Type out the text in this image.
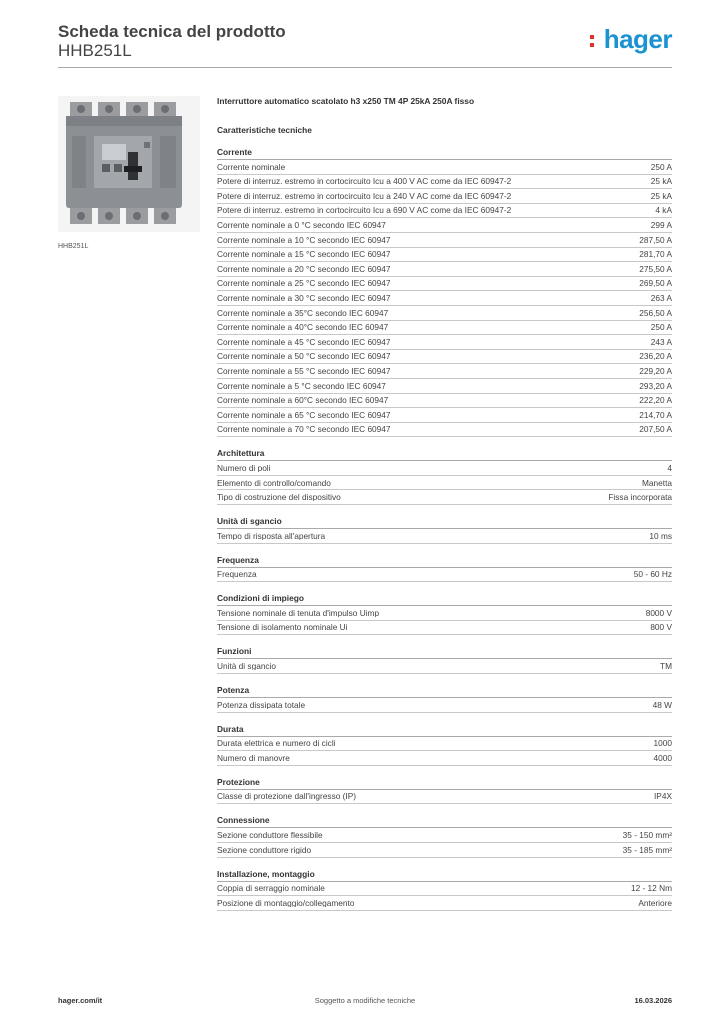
Scheda tecnica del prodotto
HHB251L	hager
HHB251L
Interruttore automatico scatolato h3 x250 TM 4P 25kA 250A fisso
Caratteristiche tecniche
Corrente
Corrente nominale	250 A
Potere di interruz. estremo in cortocircuito Icu a 400 V AC come da IEC 60947-2	25 kA
Potere di interruz. estremo in cortocircuito Icu a 240 V AC come da IEC 60947-2	25 kA
Potere di interruz. estremo in cortocircuito Icu a 690 V AC come da IEC 60947-2	4 kA
Corrente nominale a 0 °C secondo IEC 60947	299 A
Corrente nominale a 10 °C secondo IEC 60947	287,50 A
Corrente nominale a 15 °C secondo IEC 60947	281,70 A
Corrente nominale a 20 °C secondo IEC 60947	275,50 A
Corrente nominale a 25 °C secondo IEC 60947	269,50 A
Corrente nominale a 30 °C secondo IEC 60947	263 A
Corrente nominale a 35°C secondo IEC 60947	256,50 A
Corrente nominale a 40°C secondo IEC 60947	250 A
Corrente nominale a 45 °C secondo IEC 60947	243 A
Corrente nominale a 50 °C secondo IEC 60947	236,20 A
Corrente nominale a 55 °C secondo IEC 60947	229,20 A
Corrente nominale a 5 °C secondo IEC 60947	293,20 A
Corrente nominale a 60°C secondo IEC 60947	222,20 A
Corrente nominale a 65 °C secondo IEC 60947	214,70 A
Corrente nominale a 70 °C secondo IEC 60947	207,50 A
Architettura
Numero di poli	4
Elemento di controllo/comando	Manetta
Tipo di costruzione del dispositivo	Fissa incorporata
Unità di sgancio
Tempo di risposta all'apertura	10 ms
Frequenza
Frequenza	50 - 60 Hz
Condizioni di impiego
Tensione nominale di tenuta d'impulso Uimp	8000 V
Tensione di isolamento nominale Ui	800 V
Funzioni
Unità di sgancio	TM
Potenza
Potenza dissipata totale	48 W
Durata
Durata elettrica e numero di cicli	1000
Numero di manovre	4000
Protezione
Classe di protezione dall'ingresso (IP)	IP4X
Connessione
Sezione conduttore flessibile	35 - 150 mm²
Sezione conduttore rigido	35 - 185 mm²
Installazione, montaggio
Coppia di serraggio nominale	12 - 12 Nm
Posizione di montaggio/collegamento	Anteriore
hager.com/it	Soggetto a modifiche tecniche	16.03.2026
